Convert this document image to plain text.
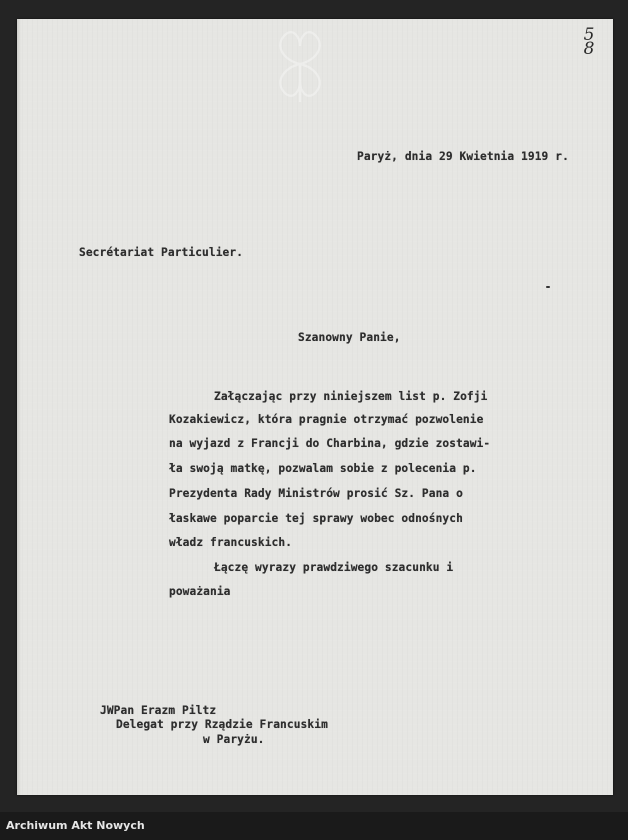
58
Paryż, dnia 29 Kwietnia 1919 r.
Secrétariat Particulier.
Szanowny Panie,
Załączając przy niniejszem list p. Zofji
Kozakiewicz, która pragnie otrzymać pozwolenie
na wyjazd z Francji do Charbina, gdzie zostawi-
ła swoją matkę, pozwalam sobie z polecenia p.
Prezydenta Rady Ministrów prosić Sz. Pana o
łaskawe poparcie tej sprawy wobec odnośnych
władz francuskich.
Łączę wyrazy prawdziwego szacunku i
poważania
JWPan Erazm Piltz
Delegat przy Rządzie Francuskim
w Paryżu.
Archiwum Akt Nowych
